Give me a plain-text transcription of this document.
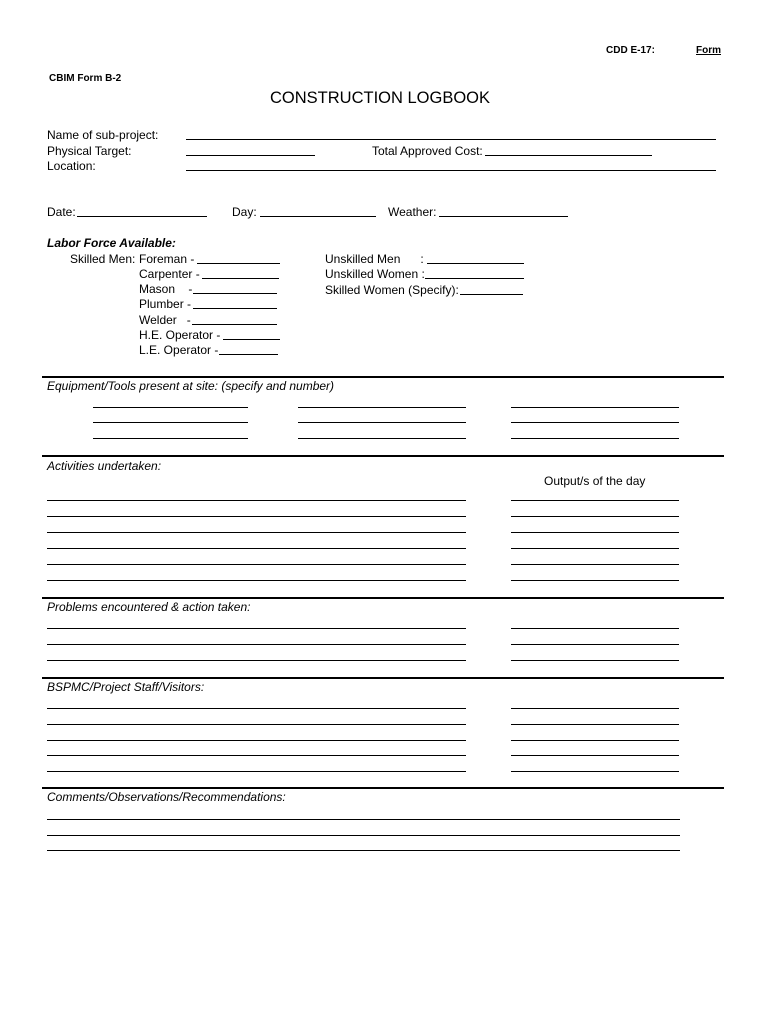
CDD E-17:	Form
CBIM Form B-2
CONSTRUCTION LOGBOOK
Name of sub-project:
Physical Target:	Total Approved Cost:
Location:
Date:	Day:	Weather:
Labor Force Available:
Skilled Men: Foreman -
Carpenter -
Mason    -
Plumber -
Welder   -
H.E. Operator -
L.E. Operator -
Unskilled Men      :
Unskilled Women :
Skilled Women (Specify):
Equipment/Tools present at site: (specify and number)
Activities undertaken:
Output/s of the day
Problems encountered & action taken:
BSPMC/Project Staff/Visitors:
Comments/Observations/Recommendations:
